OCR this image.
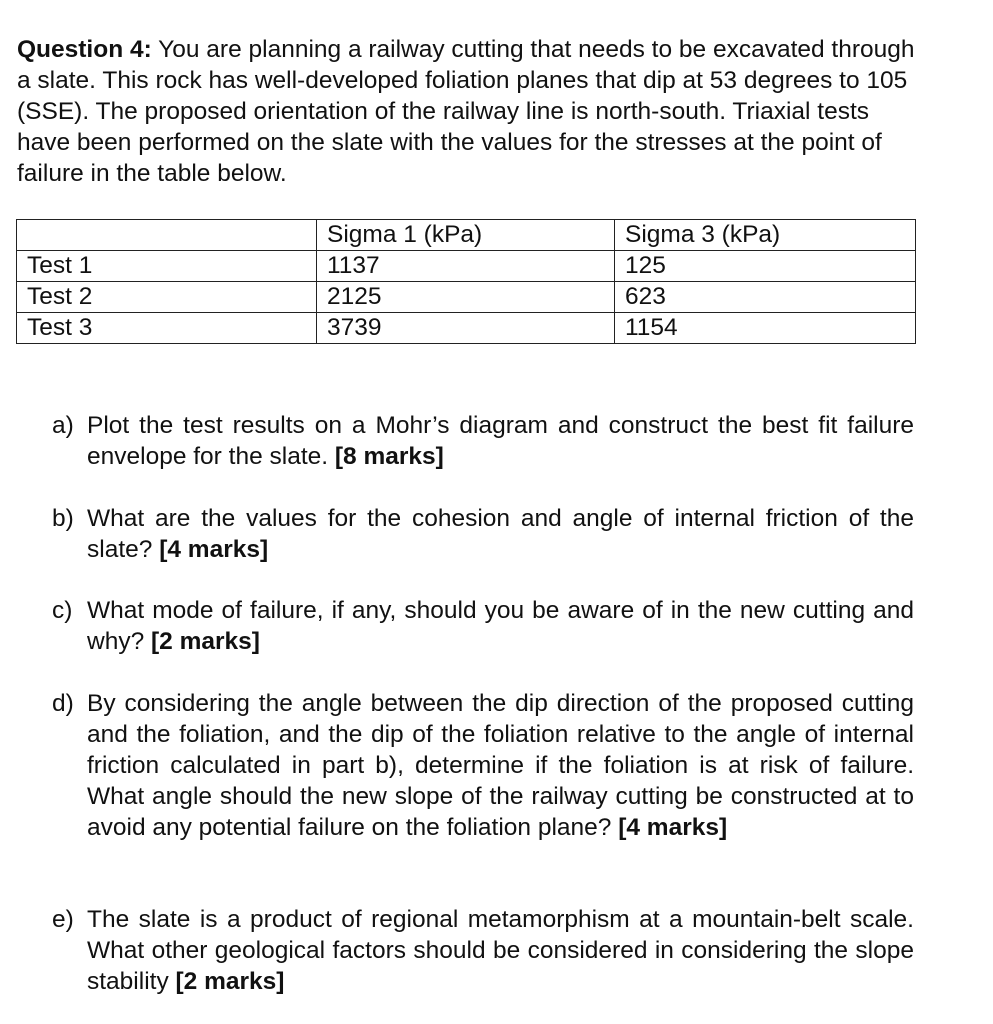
Question 4: You are planning a railway cutting that needs to be excavated through a slate. This rock has well-developed foliation planes that dip at 53 degrees to 105 (SSE). The proposed orientation of the railway line is north-south. Triaxial tests have been performed on the slate with the values for the stresses at the point of failure in the table below.
	Sigma 1 (kPa)	Sigma 3 (kPa)
Test 1	1137	125
Test 2	2125	623
Test 3	3739	1154
a) Plot the test results on a Mohr’s diagram and construct the best fit failure envelope for the slate. [8 marks]
b) What are the values for the cohesion and angle of internal friction of the slate? [4 marks]
c) What mode of failure, if any, should you be aware of in the new cutting and why? [2 marks]
d) By considering the angle between the dip direction of the proposed cutting and the foliation, and the dip of the foliation relative to the angle of internal friction calculated in part b), determine if the foliation is at risk of failure. What angle should the new slope of the railway cutting be constructed at to avoid any potential failure on the foliation plane? [4 marks]
e) The slate is a product of regional metamorphism at a mountain-belt scale. What other geological factors should be considered in considering the slope stability [2 marks]
